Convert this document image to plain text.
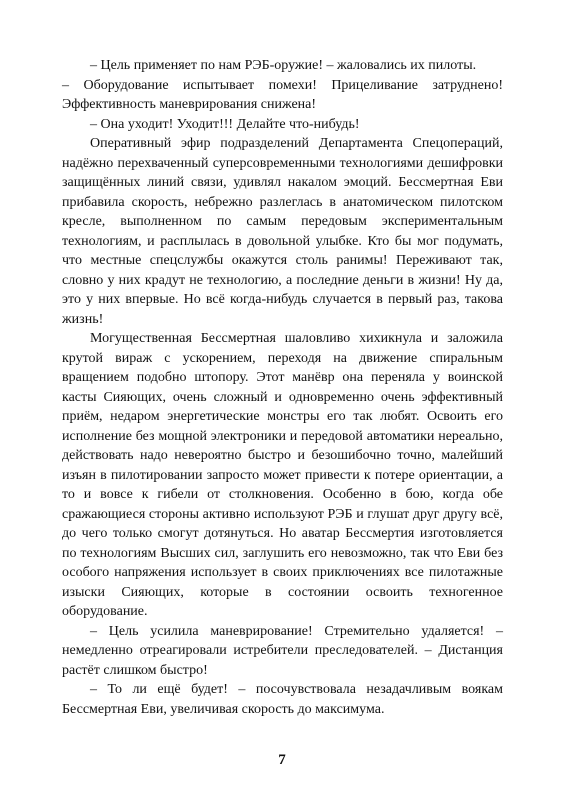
– Цель применяет по нам РЭБ-оружие! – жаловались их пилоты.

– Оборудование испытывает помехи! Прицеливание затруднено! Эффективность маневрирования снижена!

– Она уходит! Уходит!!! Делайте что-нибудь!

Оперативный эфир подразделений Департамента Спецопераций, надёжно перехваченный суперсовременными технологиями дешифровки защищённых линий связи, удивлял накалом эмоций. Бессмертная Еви прибавила скорость, небрежно разлеглась в анатомическом пилотском кресле, выполненном по самым передовым экспериментальным технологиям, и расплылась в довольной улыбке. Кто бы мог подумать, что местные спецслужбы окажутся столь ранимы! Переживают так, словно у них крадут не технологию, а последние деньги в жизни! Ну да, это у них впервые. Но всё когда-нибудь случается в первый раз, такова жизнь!

Могущественная Бессмертная шаловливо хихикнула и заложила крутой вираж с ускорением, переходя на движение спиральным вращением подобно штопору. Этот манёвр она переняла у воинской касты Сияющих, очень сложный и одновременно очень эффективный приём, недаром энергетические монстры его так любят. Освоить его исполнение без мощной электроники и передовой автоматики нереально, действовать надо невероятно быстро и безошибочно точно, малейший изъян в пилотировании запросто может привести к потере ориентации, а то и вовсе к гибели от столкновения. Особенно в бою, когда обе сражающиеся стороны активно используют РЭБ и глушат друг другу всё, до чего только смогут дотянуться. Но аватар Бессмертия изготовляется по технологиям Высших сил, заглушить его невозможно, так что Еви без особого напряжения использует в своих приключениях все пилотажные изыски Сияющих, которые в состоянии освоить техногенное оборудование.

– Цель усилила маневрирование! Стремительно удаляется! – немедленно отреагировали истребители преследователей. – Дистанция растёт слишком быстро!

– То ли ещё будет! – посочувствовала незадачливым воякам Бессмертная Еви, увеличивая скорость до максимума.

7
